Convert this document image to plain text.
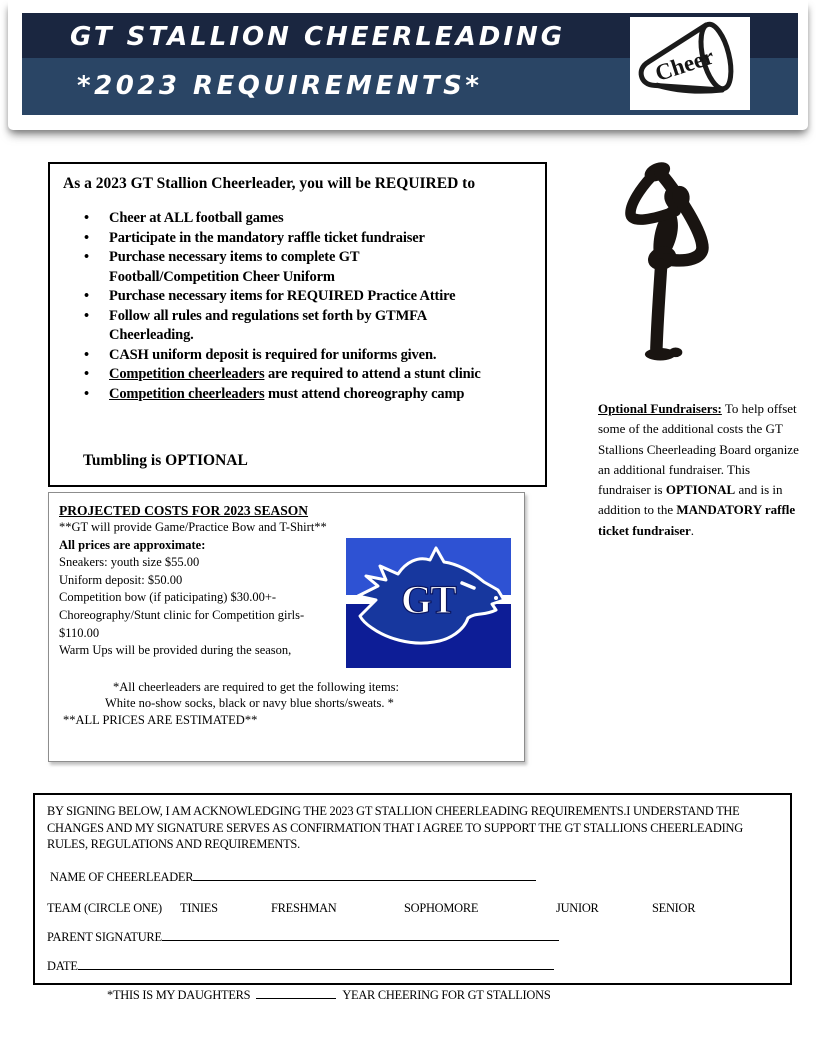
GT STALLION CHEERLEADING
*2023 REQUIREMENTS*
Cheer
As a 2023 GT Stallion Cheerleader, you will be REQUIRED to
• Cheer at ALL football games
• Participate in the mandatory raffle ticket fundraiser
• Purchase necessary items to complete GT
Football/Competition Cheer Uniform
• Purchase necessary items for REQUIRED Practice Attire
• Follow all rules and regulations set forth by GTMFA
Cheerleading.
• CASH uniform deposit is required for uniforms given.
• Competition cheerleaders are required to attend a stunt clinic
• Competition cheerleaders must attend choreography camp
Tumbling is OPTIONAL
Optional Fundraisers: To help offset some of the additional costs the GT Stallions Cheerleading Board organize an additional fundraiser. This fundraiser is OPTIONAL and is in addition to the MANDATORY raffle ticket fundraiser.
PROJECTED COSTS FOR 2023 SEASON
**GT will provide Game/Practice Bow and T-Shirt**
All prices are approximate:
Sneakers: youth size $55.00
Uniform deposit: $50.00
Competition bow (if paticipating) $30.00+-
Choreography/Stunt clinic for Competition girls-
$110.00
Warm Ups will be provided during the season,
*All cheerleaders are required to get the following items:
White no-show socks, black or navy blue shorts/sweats. *
**ALL PRICES ARE ESTIMATED**
GT
BY SIGNING BELOW, I AM ACKNOWLEDGING THE 2023 GT STALLION CHEERLEADING REQUIREMENTS.I UNDERSTAND THE
CHANGES AND MY SIGNATURE SERVES AS CONFIRMATION THAT I AGREE TO SUPPORT THE GT STALLIONS CHEERLEADING
RULES, REGULATIONS AND REQUIREMENTS.
NAME OF CHEERLEADER
TEAM (CIRCLE ONE) TINIES	FRESHMAN	SOPHOMORE	JUNIOR	SENIOR
PARENT SIGNATURE
DATE
*THIS IS MY DAUGHTERS	YEAR CHEERING FOR GT STALLIONS
